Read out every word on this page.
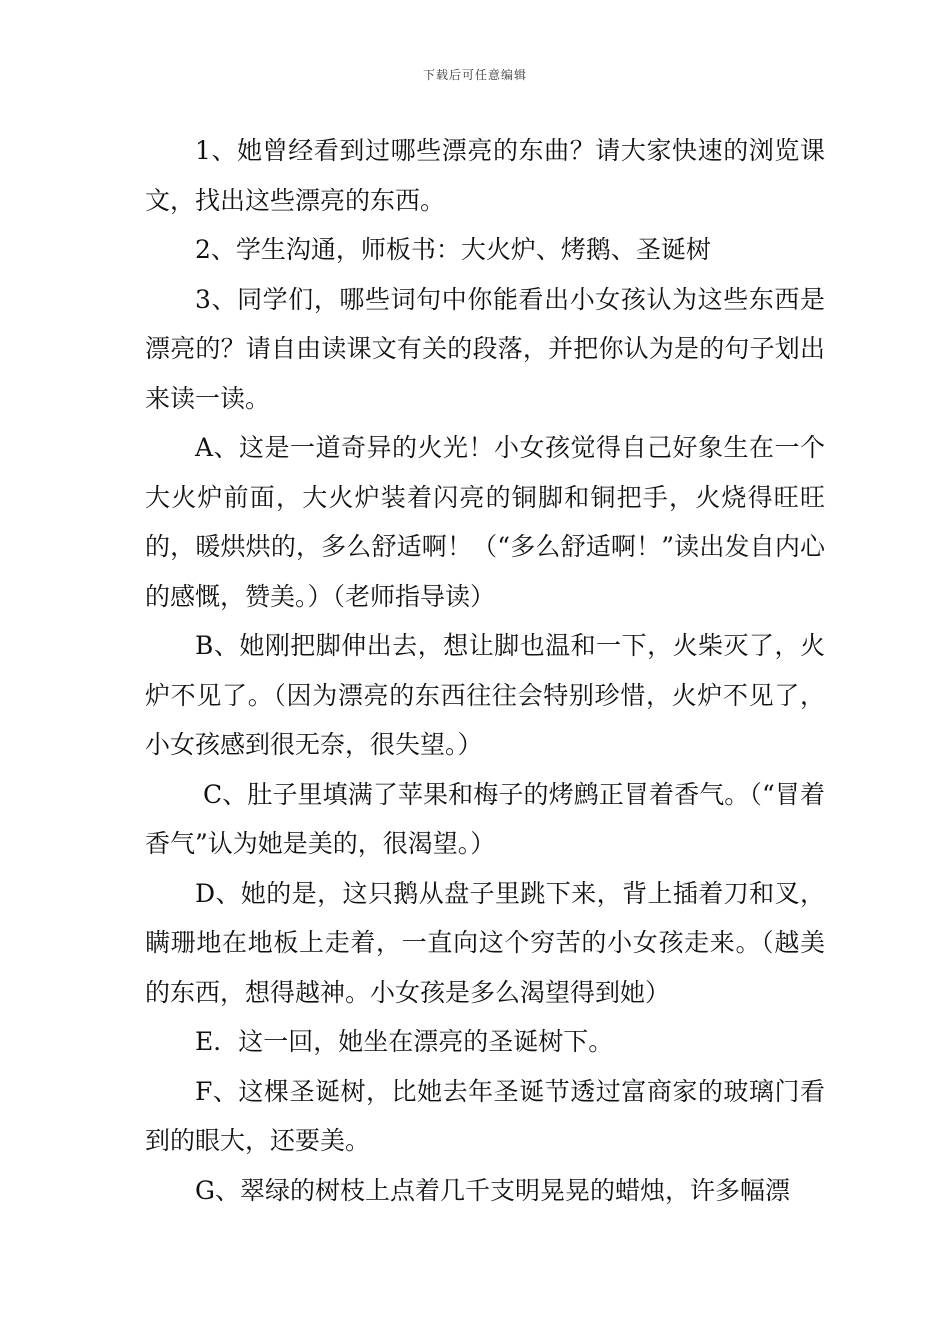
下载后可任意编辑

1、她曾经看到过哪些漂亮的东曲？请大家快速的浏览课文，找出这些漂亮的东西。

2、学生沟通，师板书：大火炉、烤鹅、圣诞树

3、同学们，哪些词句中你能看出小女孩认为这些东西是漂亮的？请自由读课文有关的段落，并把你认为是的句子划出来读一读。

A、这是一道奇异的火光！小女孩觉得自己好象生在一个大火炉前面，大火炉装着闪亮的铜脚和铜把手，火烧得旺旺的，暖烘烘的，多么舒适啊！（“多么舒适啊！”读出发自内心的感慨，赞美。）（老师指导读）

B、她刚把脚伸出去，想让脚也温和一下，火柴灭了，火炉不见了。（因为漂亮的东西往往会特别珍惜，火炉不见了，小女孩感到很无奈，很失望。）

C、肚子里填满了苹果和梅子的烤鹧正冒着香气。（“冒着香气”认为她是美的，很渴望。）

D、她的是，这只鹅从盘子里跳下来，背上插着刀和叉，瞒珊地在地板上走着，一直向这个穷苦的小女孩走来。（越美的东西，想得越神。小女孩是多么渴望得到她）

E．这一回，她坐在漂亮的圣诞树下。

F、这棵圣诞树，比她去年圣诞节透过富商家的玻璃门看到的眼大，还要美。

G、翠绿的树枝上点着几千支明晃晃的蜡烛，许多幅漂
